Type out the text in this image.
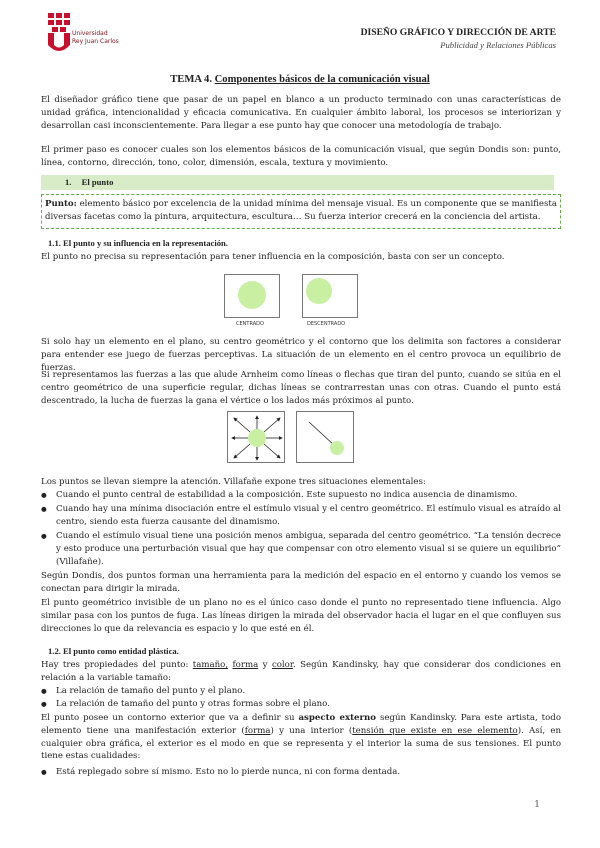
Universidad
Rey Juan Carlos
DISEÑO GRÁFICO Y DIRECCIÓN DE ARTE
Publicidad y Relaciones Públicas
TEMA 4. Componentes básicos de la comunicación visual
El diseñador gráfico tiene que pasar de un papel en blanco a un producto terminado con unas características de unidad gráfica, intencionalidad y eficacia comunicativa. En cualquier ámbito laboral, los procesos se interiorizan y desarrollan casi inconscientemente. Para llegar a ese punto hay que conocer una metodología de trabajo.
El primer paso es conocer cuales son los elementos básicos de la comunicación visual, que según Dondis son: punto, línea, contorno, dirección, tono, color, dimensión, escala, textura y movimiento.
1. El punto
Punto: elemento básico por excelencia de la unidad mínima del mensaje visual. Es un componente que se manifiesta diversas facetas como la pintura, arquitectura, escultura… Su fuerza interior crecerá en la conciencia del artista.
1.1. El punto y su influencia en la representación.
El punto no precisa su representación para tener influencia en la composición, basta con ser un concepto.
CENTRADO	DESCENTRADO
Si solo hay un elemento en el plano, su centro geométrico y el contorno que los delimita son factores a considerar para entender ese juego de fuerzas perceptivas. La situación de un elemento en el centro provoca un equilibrio de fuerzas.
Si representamos las fuerzas a las que alude Arnheim como líneas o flechas que tiran del punto, cuando se sitúa en el centro geométrico de una superficie regular, dichas líneas se contrarrestan unas con otras. Cuando el punto está descentrado, la lucha de fuerzas la gana el vértice o los lados más próximos al punto.
Los puntos se llevan siempre la atención. Villafañe expone tres situaciones elementales:
● Cuando el punto central de estabilidad a la composición. Este supuesto no indica ausencia de dinamismo.
● Cuando hay una mínima disociación entre el estímulo visual y el centro geométrico. El estímulo visual es atraído al centro, siendo esta fuerza causante del dinamismo.
● Cuando el estímulo visual tiene una posición menos ambigua, separada del centro geométrico. “La tensión decrece y esto produce una perturbación visual que hay que compensar con otro elemento visual si se quiere un equilibrio” (Villafañe).
Según Dondis, dos puntos forman una herramienta para la medición del espacio en el entorno y cuando los vemos se conectan para dirigir la mirada.
El punto geométrico invisible de un plano no es el único caso donde el punto no representado tiene influencia. Algo similar pasa con los puntos de fuga. Las líneas dirigen la mirada del observador hacia el lugar en el que confluyen sus direcciones lo que da relevancia es espacio y lo que esté en él.
1.2. El punto como entidad plástica.
Hay tres propiedades del punto: tamaño, forma y color. Según Kandinsky, hay que considerar dos condiciones en relación a la variable tamaño:
● La relación de tamaño del punto y el plano.
● La relación de tamaño del punto y otras formas sobre el plano.
El punto posee un contorno exterior que va a definir su aspecto externo según Kandinsky. Para este artista, todo elemento tiene una manifestación exterior (forma) y una interior (tensión que existe en ese elemento). Así, en cualquier obra gráfica, el exterior es el modo en que se representa y el interior la suma de sus tensiones. El punto tiene estas cualidades:
● Está replegado sobre sí mismo. Esto no lo pierde nunca, ni con forma dentada.
1
